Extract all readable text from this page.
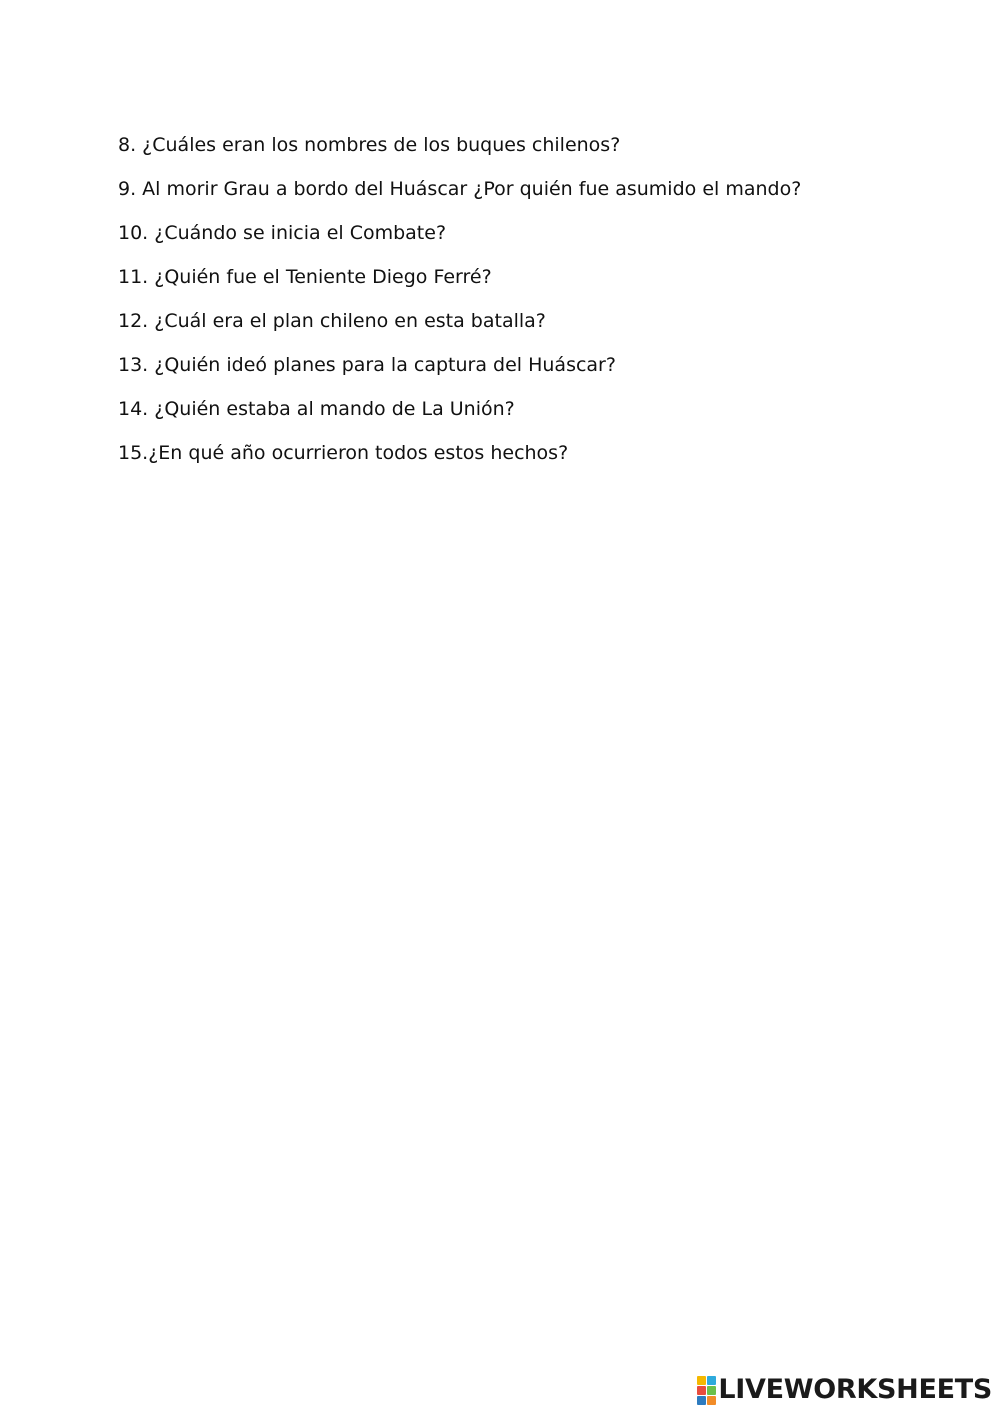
8. ¿Cuáles eran los nombres de los buques chilenos?
9. Al morir Grau a bordo del Huáscar ¿Por quién fue asumido el mando?
10. ¿Cuándo se inicia el Combate?
11. ¿Quién fue el Teniente Diego Ferré?
12. ¿Cuál era el plan chileno en esta batalla?
13. ¿Quién ideó planes para la captura del Huáscar?
14. ¿Quién estaba al mando de La Unión?
15.¿En qué año ocurrieron todos estos hechos?
LIVEWORKSHEETS
